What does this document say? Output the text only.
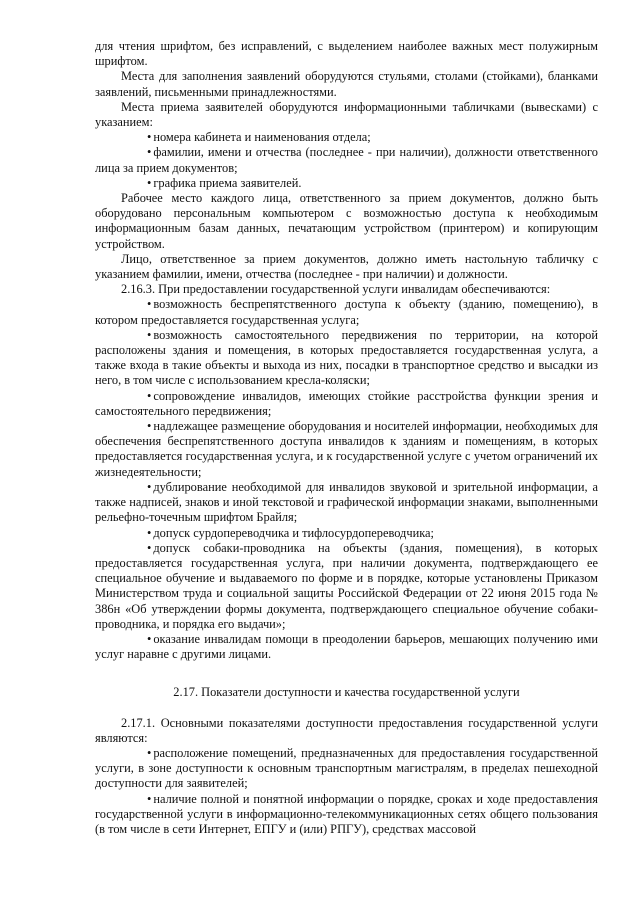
для чтения шрифтом, без исправлений, с выделением наиболее важных мест полужирным шрифтом.

Места для заполнения заявлений оборудуются стульями, столами (стойками), бланками заявлений, письменными принадлежностями.

Места приема заявителей оборудуются информационными табличками (вывесками) с указанием:

• номера кабинета и наименования отдела;

• фамилии, имени и отчества (последнее - при наличии), должности ответственного лица за прием документов;

• графика приема заявителей.

Рабочее место каждого лица, ответственного за прием документов, должно быть оборудовано персональным компьютером с возможностью доступа к необходимым информационным базам данных, печатающим устройством (принтером) и копирующим устройством.

Лицо, ответственное за прием документов, должно иметь настольную табличку с указанием фамилии, имени, отчества (последнее - при наличии) и должности.

2.16.3. При предоставлении государственной услуги инвалидам обеспечиваются:

• возможность беспрепятственного доступа к объекту (зданию, помещению), в котором предоставляется государственная услуга;

• возможность самостоятельного передвижения по территории, на которой расположены здания и помещения, в которых предоставляется государственная услуга, а также входа в такие объекты и выхода из них, посадки в транспортное средство и высадки из него, в том числе с использованием кресла-коляски;

• сопровождение инвалидов, имеющих стойкие расстройства функции зрения и самостоятельного передвижения;

• надлежащее размещение оборудования и носителей информации, необходимых для обеспечения беспрепятственного доступа инвалидов к зданиям и помещениям, в которых предоставляется государственная услуга, и к государственной услуге с учетом ограничений их жизнедеятельности;

• дублирование необходимой для инвалидов звуковой и зрительной информации, а также надписей, знаков и иной текстовой и графической информации знаками, выполненными рельефно-точечным шрифтом Брайля;

• допуск сурдопереводчика и тифлосурдопереводчика;

• допуск собаки-проводника на объекты (здания, помещения), в которых предоставляется государственная услуга, при наличии документа, подтверждающего ее специальное обучение и выдаваемого по форме и в порядке, которые установлены Приказом Министерством труда и социальной защиты Российской Федерации от 22 июня 2015 года № 386н «Об утверждении формы документа, подтверждающего специальное обучение собаки-проводника, и порядка его выдачи»;

• оказание инвалидам помощи в преодолении барьеров, мешающих получению ими услуг наравне с другими лицами.

2.17. Показатели доступности и качества государственной услуги

2.17.1. Основными показателями доступности предоставления государственной услуги являются:

• расположение помещений, предназначенных для предоставления государственной услуги, в зоне доступности к основным транспортным магистралям, в пределах пешеходной доступности для заявителей;

• наличие полной и понятной информации о порядке, сроках и ходе предоставления государственной услуги в информационно-телекоммуникационных сетях общего пользования (в том числе в сети Интернет, ЕПГУ и (или) РПГУ), средствах массовой
